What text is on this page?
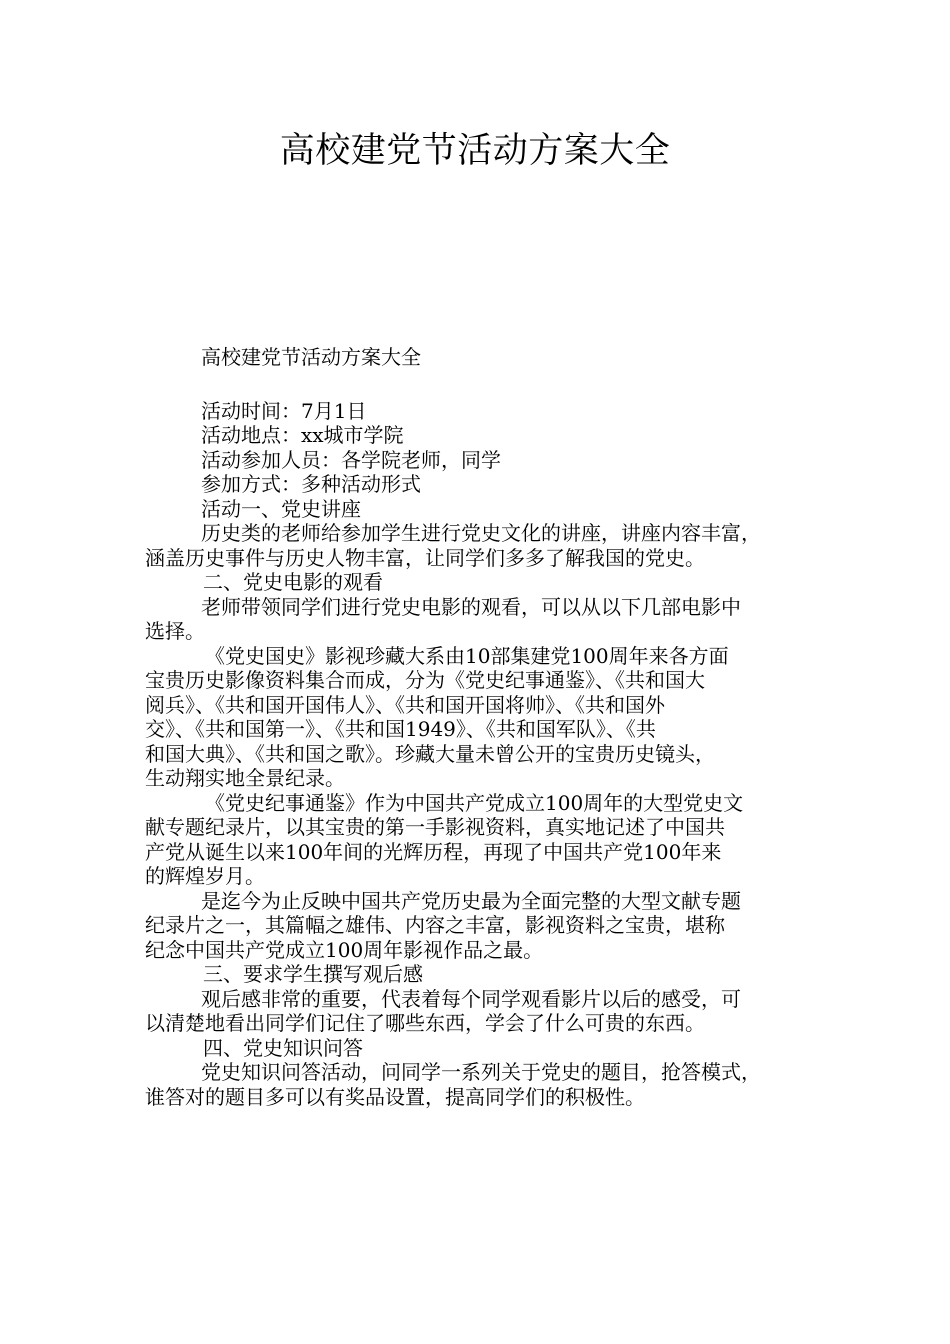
高校建党节活动方案大全

高校建党节活动方案大全

活动时间：7月1日

活动地点：xx城市学院

活动参加人员：各学院老师，同学

参加方式：多种活动形式

活动一、党史讲座

历史类的老师给参加学生进行党史文化的讲座，讲座内容丰富，

涵盖历史事件与历史人物丰富，让同学们多多了解我国的党史。

二、党史电影的观看

老师带领同学们进行党史电影的观看，可以从以下几部电影中

选择。

《党史国史》影视珍藏大系由10部集建党100周年来各方面

宝贵历史影像资料集合而成，分为《党史纪事通鉴》、《共和国大

阅兵》、《共和国开国伟人》、《共和国开国将帅》、《共和国外

交》、《共和国第一》、《共和国1949》、《共和国军队》、《共

和国大典》、《共和国之歌》。珍藏大量未曾公开的宝贵历史镜头，

生动翔实地全景纪录。

《党史纪事通鉴》作为中国共产党成立100周年的大型党史文

献专题纪录片，以其宝贵的第一手影视资料，真实地记述了中国共

产党从诞生以来100年间的光辉历程，再现了中国共产党100年来

的辉煌岁月。

是迄今为止反映中国共产党历史最为全面完整的大型文献专题

纪录片之一，其篇幅之雄伟、内容之丰富，影视资料之宝贵，堪称

纪念中国共产党成立100周年影视作品之最。

三、要求学生撰写观后感

观后感非常的重要，代表着每个同学观看影片以后的感受，可

以清楚地看出同学们记住了哪些东西，学会了什么可贵的东西。

四、党史知识问答

党史知识问答活动，问同学一系列关于党史的题目，抢答模式，

谁答对的题目多可以有奖品设置，提高同学们的积极性。
